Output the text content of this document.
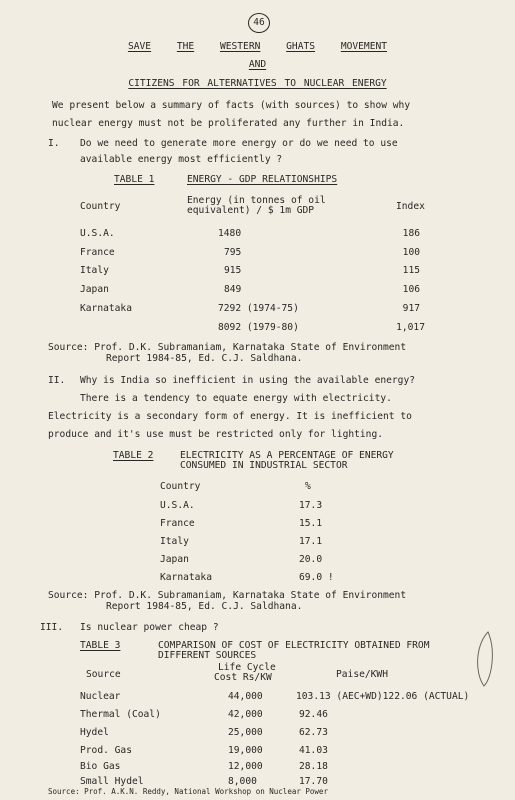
46
SAVE	THE	WESTERN	GHATS	MOVEMENT
AND
CITIZENS FOR ALTERNATIVES TO NUCLEAR ENERGY
We present below a summary of facts (with sources) to show why
nuclear energy must not be proliferated any further in India.
I. Do we need to generate more energy or do we need to use
available energy most efficiently ?
TABLE 1	ENERGY - GDP RELATIONSHIPS
Country
Energy (in tonnes of oil
equivalent) / $ 1m GDP	Index
U.S.A.	1480	186
France	795	100
Italy	915	115
Japan	849	106
Karnataka	7292 (1974-75)	917
8092 (1979-80)	1,017
Source: Prof. D.K. Subramaniam, Karnataka State of Environment
Report 1984-85, Ed. C.J. Saldhana.
II. Why is India so inefficient in using the available energy?
There is a tendency to equate energy with electricity.
Electricity is a secondary form of energy. It is inefficient to
produce and it's use must be restricted only for lighting.
TABLE 2	ELECTRICITY AS A PERCENTAGE OF ENERGY
CONSUMED IN INDUSTRIAL SECTOR
Country	%
U.S.A.	17.3
France	15.1
Italy	17.1
Japan	20.0
Karnataka	69.0 !
Source: Prof. D.K. Subramaniam, Karnataka State of Environment
Report 1984-85, Ed. C.J. Saldhana.
III. Is nuclear power cheap ?
TABLE 3	COMPARISON OF COST OF ELECTRICITY OBTAINED FROM
DIFFERENT SOURCES
Source
Life Cycle
Cost Rs/KW	Paise/KWH
Nuclear	44,000	103.13 (AEC+WD)122.06 (ACTUAL)
Thermal (Coal)	42,000	92.46
Hydel	25,000	62.73
Prod. Gas	19,000	41.03
Bio Gas	12,000	28.18
Small Hydel	8,000	17.70
Source: Prof. A.K.N. Reddy, National Workshop on Nuclear Power
